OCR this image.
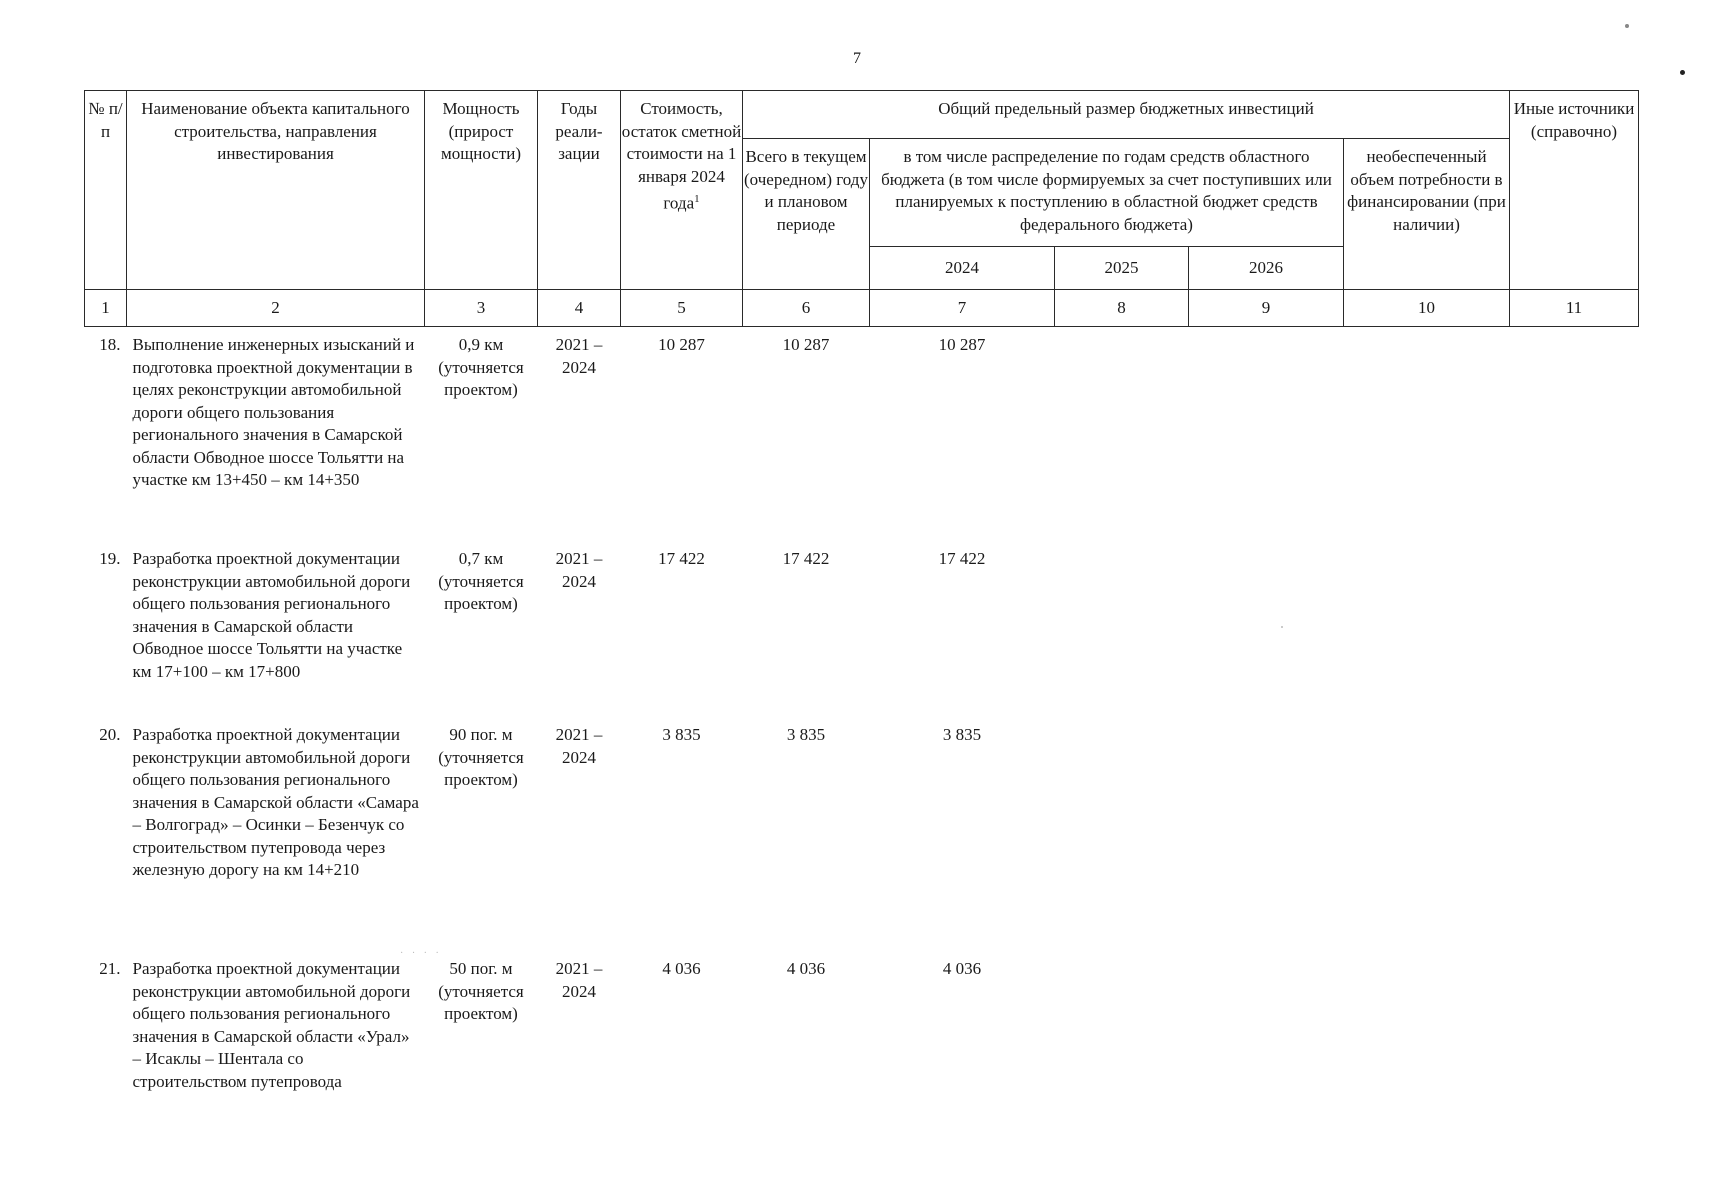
7
· · · ·
№ п/п	Наименование объекта капитального строительства, направления инвестирования	Мощность (прирост мощности)	Годы реали-зации	Стоимость, остаток сметной стоимости на 1 января 2024 года$^1$	Общий предельный размер бюджетных инвестиций					Иные источники (справочно)
					Всего в текущем (очередном) году и плановом периоде	в том числе распределение по годам средств областного бюджета (в том числе формируемых за счет поступивших или планируемых к поступлению в областной бюджет средств федерального бюджета)			необеспеченный объем потребности в финансировании (при наличии)	
						2024	2025	2026		
1	2	3	4	5	6	7	8	9	10	11
18.	Выполнение инженерных изысканий и подготовка проектной документации в целях реконструкции автомобильной дороги общего пользования регионального значения в Самарской области Обводное шоссе Тольятти на участке км 13+450 – км 14+350	0,9 км (уточняется проектом)	2021 – 2024	10 287	10 287	10 287				
19.	Разработка проектной документации реконструкции автомобильной дороги общего пользования регионального значения в Самарской области Обводное шоссе Тольятти на участке км 17+100 – км 17+800	0,7 км (уточняется проектом)	2021 – 2024	17 422	17 422	17 422				
20.	Разработка проектной документации реконструкции автомобильной дороги общего пользования регионального значения в Самарской области «Самара – Волгоград» – Осинки – Безенчук со строительством путепровода через железную дорогу на км 14+210	90 пог. м (уточняется проектом)	2021 – 2024	3 835	3 835	3 835				
21.	Разработка проектной документации реконструкции автомобильной дороги общего пользования регионального значения в Самарской области «Урал» – Исаклы – Шентала со строительством путепровода	50 пог. м (уточняется проектом)	2021 – 2024	4 036	4 036	4 036				
